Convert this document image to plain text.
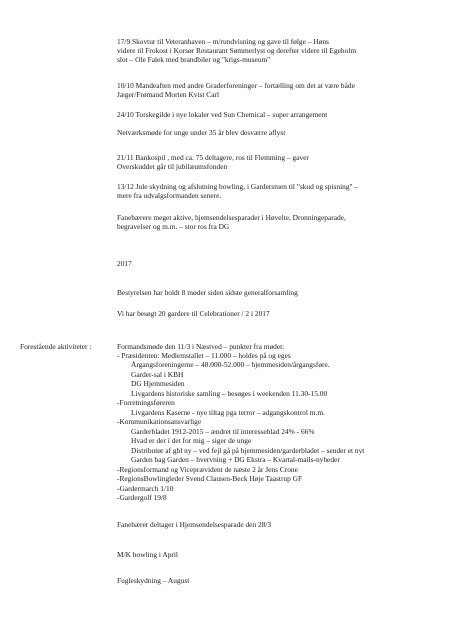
17/9 Skovtur til Veteranhaven – m/rundvisning og gave til følge – Høns
videre til Frokost i Korsør Restaurant Sømmerlyst og derefter videre til Egeholm
slot – Ole Falek med brandbiler og "krigs-museum"
10/10 Mandeaften med andre Graderforeninger – fortælling om det at være både
Jæger/Frømand Morten Kvist Carl
24/10 Torskegilde i nye lokaler ved Sun Chemical – super arrangement
Netværksmøde for unge under 35 år blev desværre aflyst
21/11 Bankospil , med ca. 75 deltagere, ros til Flemming – gaver
Overskuddet går til jubilæumsfonden
13/12 Jule skydning og afslutning bowling, i Garderstuen til "skud og spisning" –
mere fra udvalgsformanden senere.
Fanebærere meget aktive, hjemsendelsesparader i Høvelte, Dronningeparade,
begravelser og m.m. – stor ros fra DG
2017
Bestyrelsen har holdt 8 møder siden sidste generalforsamling
Vi har besøgt 20 gardere til Celebrationer / 2 i 2017
Forestående aktiviteter :	Formandsmøde den 11/3 i Næstved – punkter fra mødet:
- Præsidenten: Medlemstallet – 11.000 – holdes på og eges
Årgangsforeningerne – 48.000-52.000 – hjemmesiden/årgangsføre.
Garder-sal i KBH
DG Hjemmesiden
Livgardens historiske samling – besøges i weekenden 11.30-15.00
-Forretningsføreren
Livgardens Kaserne - nye tiltag pga terror – adgangskontrol m.m.
-Kommunikationsansvarlige
Garderbladet 1912-2015 – ændret til interesseblad 24% - 66%
Hvad er der i det for mig – siger de unge
Distributør af gbl ny – ved fejl gå på hjemmesiden/garderbladet – sender et nyt
Garden bag Garden – hvervning + DG Ekstra – Kvartal-mails-nyheder
-Regionsformand og Viceprævident de næste 2 år Jens Crone
-RegionsBowlingleder Svend Clausen-Beck Høje Taastrup GF
-Gardermarch 1/10
-Gardergolf 19/8
Fanebærer deltager i Hjemsendelsesparade den 28/3
M/K bowling i April
Fugleskydning – August
